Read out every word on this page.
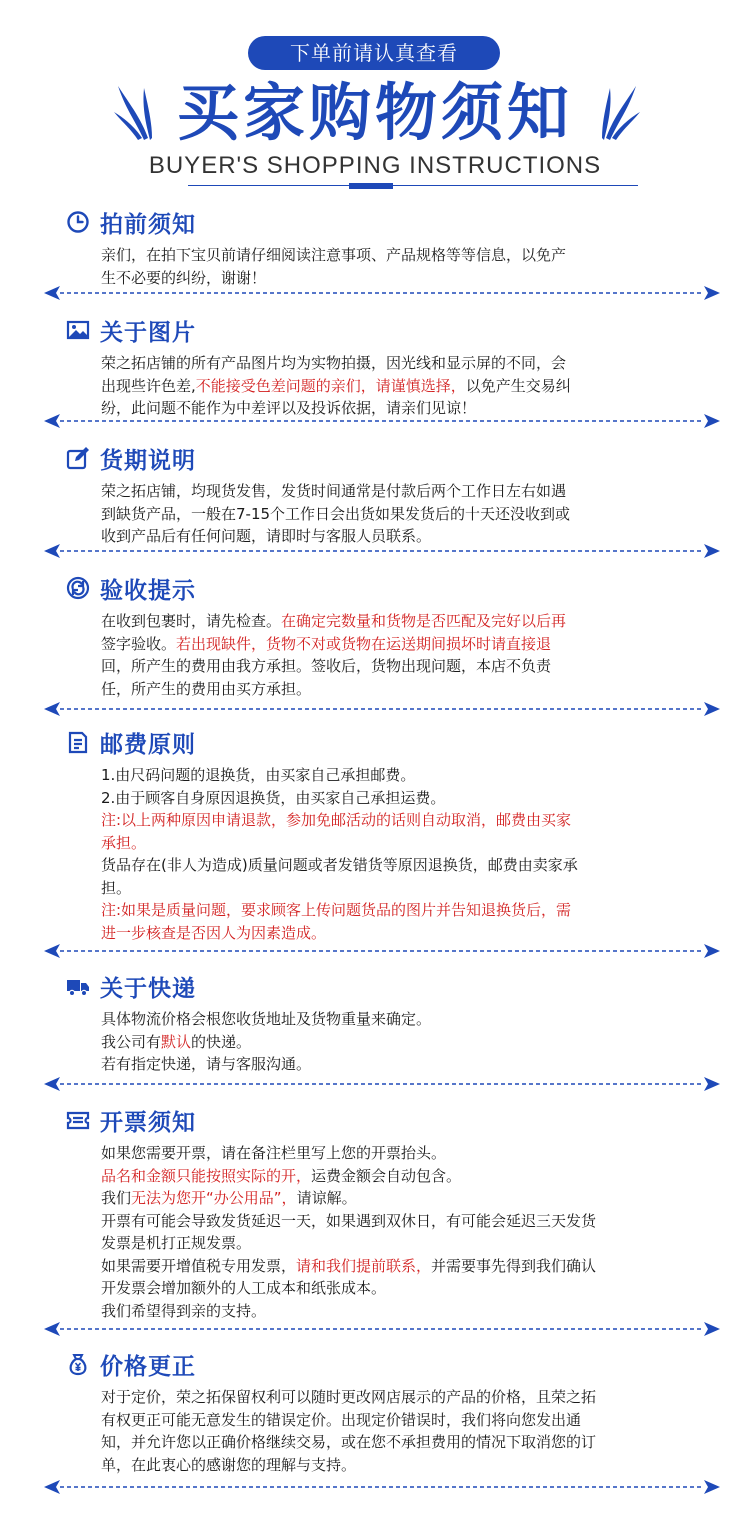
下单前请认真查看
买家购物须知
BUYER'S SHOPPING INSTRUCTIONS
拍前须知

亲们，在拍下宝贝前请仔细阅读注意事项、产品规格等等信息，以免产

生不必要的纠纷，谢谢！

关于图片

荣之拓店铺的所有产品图片均为实物拍摄，因光线和显示屏的不同，会

出现些许色差,不能接受色差问题的亲们，请谨慎选择，以免产生交易纠

纷，此问题不能作为中差评以及投诉依据，请亲们见谅！

货期说明

荣之拓店铺，均现货发售，发货时间通常是付款后两个工作日左右如遇

到缺货产品，一般在7-15个工作日会出货如果发货后的十天还没收到或

收到产品后有任何问题，请即时与客服人员联系。

验收提示

在收到包裹时，请先检查。在确定完数量和货物是否匹配及完好以后再

签字验收。若出现缺件，货物不对或货物在运送期间损坏时请直接退

回，所产生的费用由我方承担。签收后，货物出现问题，本店不负责

任，所产生的费用由买方承担。

邮费原则

1.由尺码问题的退换货，由买家自己承担邮费。

2.由于顾客自身原因退换货，由买家自己承担运费。

注:以上两种原因申请退款，参加免邮活动的话则自动取消，邮费由买家

承担。

货品存在(非人为造成)质量问题或者发错货等原因退换货，邮费由卖家承

担。

注:如果是质量问题，要求顾客上传问题货品的图片并告知退换货后，需

进一步核查是否因人为因素造成。

关于快递

具体物流价格会根您收货地址及货物重量来确定。

我公司有默认的快递。

若有指定快递，请与客服沟通。

开票须知

如果您需要开票，请在备注栏里写上您的开票抬头。

品名和金额只能按照实际的开，运费金额会自动包含。

我们无法为您开“办公用品”，请谅解。

开票有可能会导致发货延迟一天，如果遇到双休日，有可能会延迟三天发货

发票是机打正规发票。

如果需要开增值税专用发票，请和我们提前联系，并需要事先得到我们确认

开发票会增加额外的人工成本和纸张成本。

我们希望得到亲的支持。

价格更正

对于定价，荣之拓保留权利可以随时更改网店展示的产品的价格，且荣之拓

有权更正可能无意发生的错误定价。出现定价错误时，我们将向您发出通

知，并允许您以正确价格继续交易，或在您不承担费用的情况下取消您的订

单，在此衷心的感谢您的理解与支持。
